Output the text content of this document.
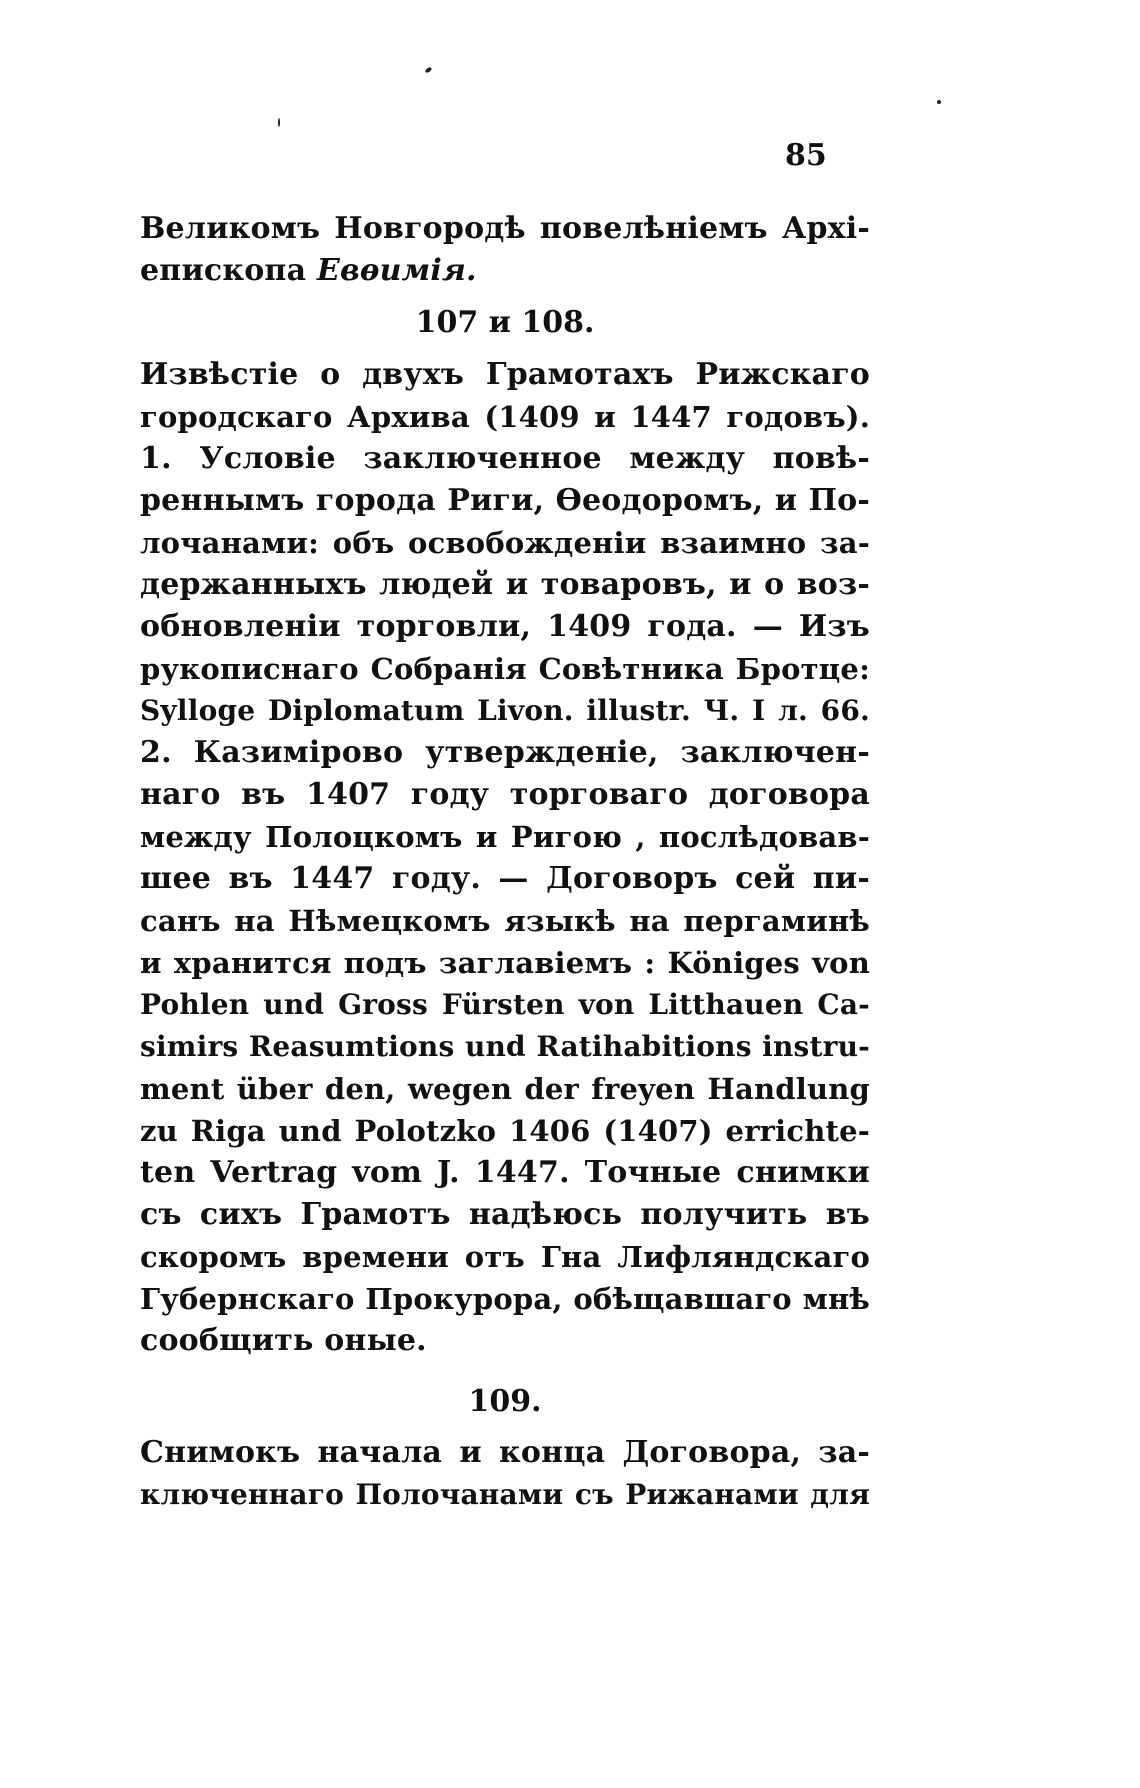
85
Великомъ Новгородѣ повелѣніемъ Архі-
епископа Евѳимія.
107 и 108.
Извѣстіе о двухъ Грамотахъ Рижскаго
городскаго Архива (1409 и 1447 годовъ).
1. Условіе заключенное между повѣ-
реннымъ города Риги, Ѳеодоромъ, и По-
лочанами: объ освобожденіи взаимно за-
держанныхъ людей и товаровъ, и о воз-
обновленіи торговли, 1409 года. — Изъ
рукописнаго Собранія Совѣтника Бротце:
Sylloge Diplomatum Livon. illustr. Ч. I л. 66.
2. Казиміровo утвержденіе, заключен-
наго въ 1407 году торговаго договора
между Полоцкомъ и Ригою , послѣдовав-
шее въ 1447 году. — Договоръ сей пи-
санъ на Нѣмецкомъ языкѣ на пергаминѣ
и хранится подъ заглавіемъ : Königes von
Pohlen und Gross Fürsten von Litthauen Ca-
simirs Reasumtions und Ratihabitions instru-
ment über den, wegen der freyen Handlung
zu Riga und Polotzko 1406 (1407) errichte-
ten Vertrag vom J. 1447. Точные снимки
съ сихъ Грамотъ надѣюсь получить въ
скоромъ времени отъ Гна Лифляндскаго
Губернскаго Прокурора, обѣщавшаго мнѣ
сообщить оные.
109.
Снимокъ начала и конца Договора, за-
ключеннаго Полочанами съ Рижанами для
